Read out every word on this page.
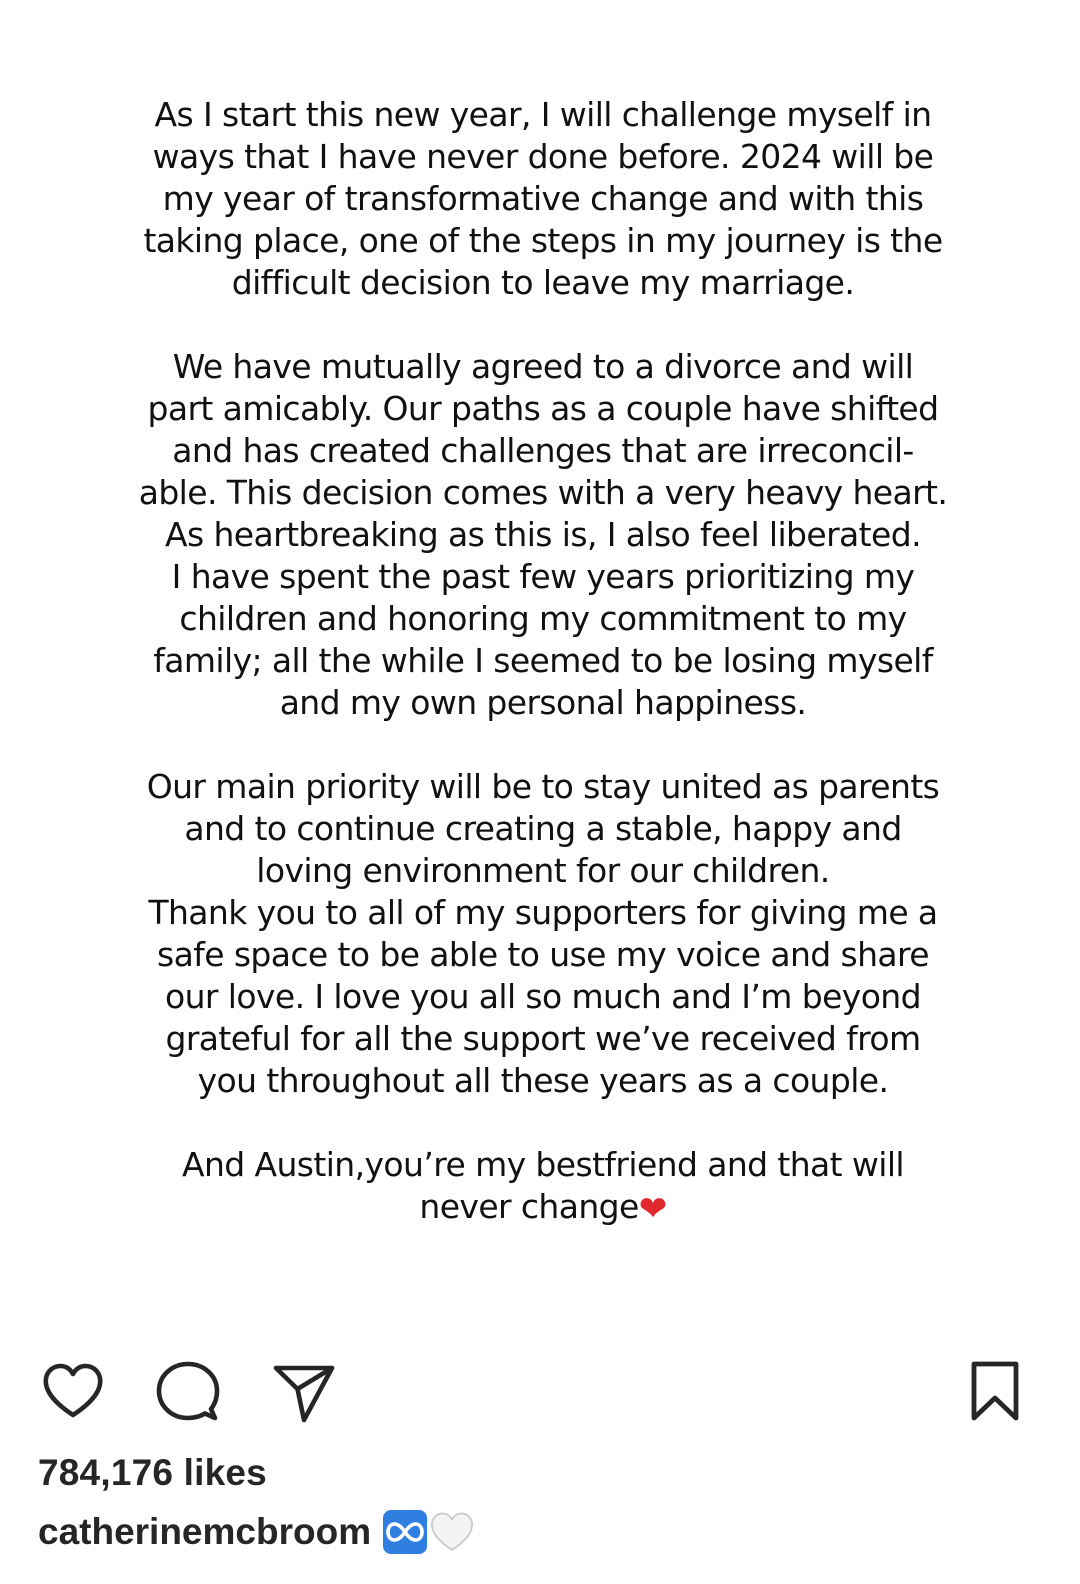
As I start this new year, I will challenge myself in
ways that I have never done before. 2024 will be
my year of transformative change and with this
taking place, one of the steps in my journey is the
difficult decision to leave my marriage.
We have mutually agreed to a divorce and will
part amicably. Our paths as a couple have shifted
and has created challenges that are irreconcil-
able. This decision comes with a very heavy heart.
As heartbreaking as this is, I also feel liberated.
I have spent the past few years prioritizing my
children and honoring my commitment to my
family; all the while I seemed to be losing myself
and my own personal happiness.
Our main priority will be to stay united as parents
and to continue creating a stable, happy and
loving environment for our children.
Thank you to all of my supporters for giving me a
safe space to be able to use my voice and share
our love. I love you all so much and I’m beyond
grateful for all the support we’ve received from
you throughout all these years as a couple.
And Austin,you’re my bestfriend and that will
never change❤
784,176 likes
catherinemcbroom
